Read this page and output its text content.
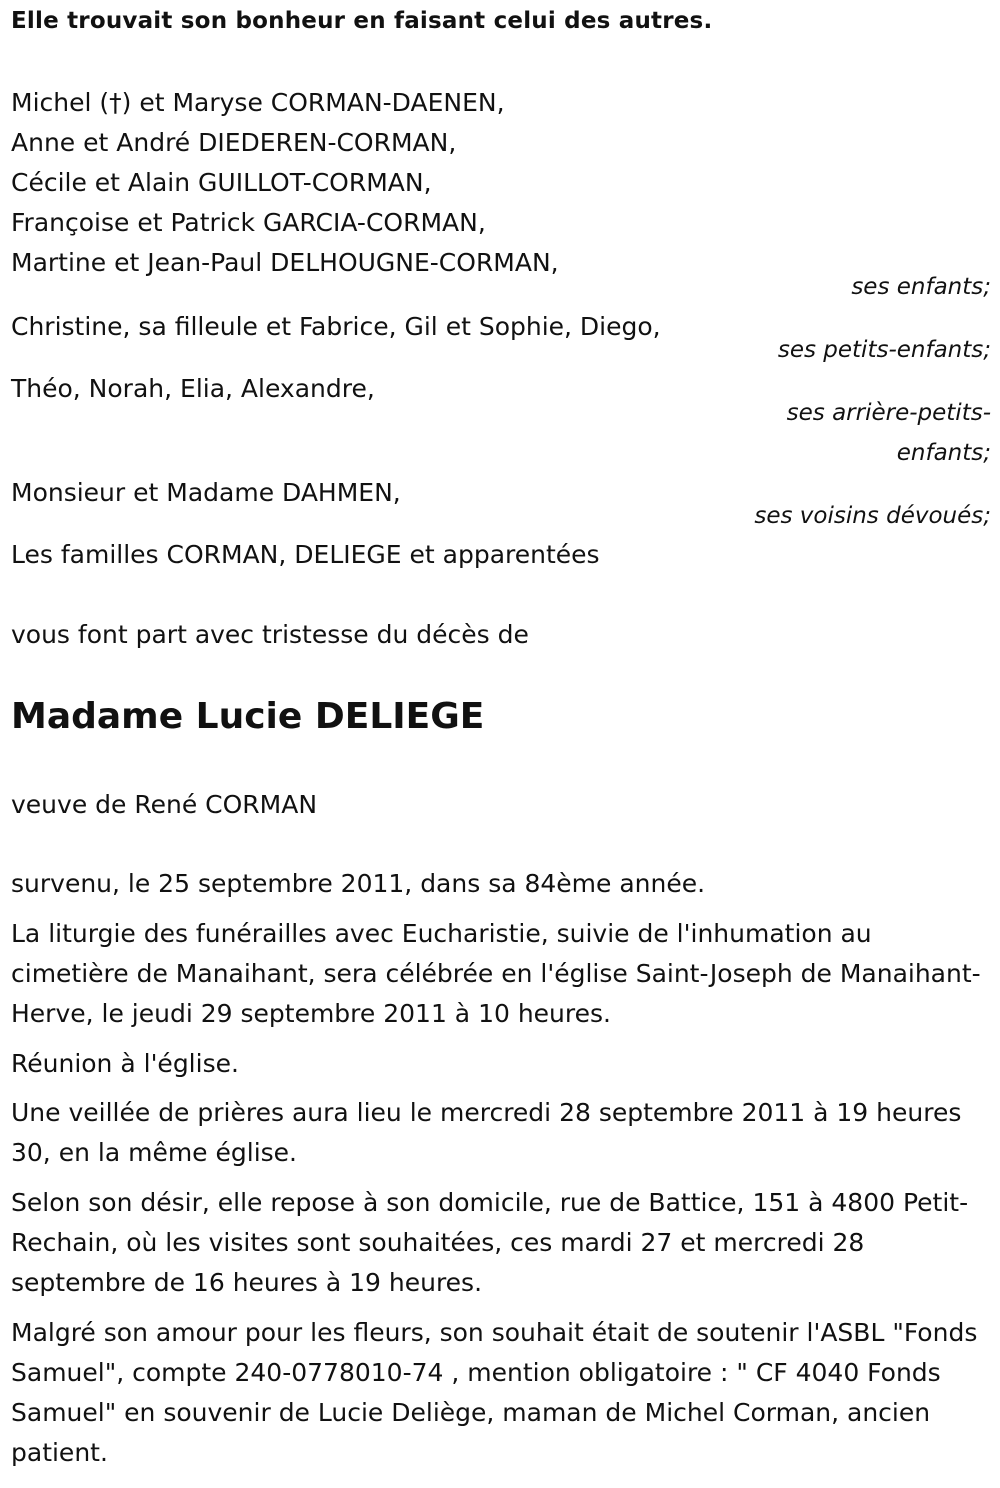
Elle trouvait son bonheur en faisant celui des autres.
Michel (†) et Maryse CORMAN-DAENEN,
Anne et André DIEDEREN-CORMAN,
Cécile et Alain GUILLOT-CORMAN,
Françoise et Patrick GARCIA-CORMAN,
Martine et Jean-Paul DELHOUGNE-CORMAN,
ses enfants;
Christine, sa filleule et Fabrice, Gil et Sophie, Diego,
ses petits-enfants;
Théo, Norah, Elia, Alexandre,
ses arrière-petits-
enfants;
Monsieur et Madame DAHMEN,
ses voisins dévoués;
Les familles CORMAN, DELIEGE et apparentées
vous font part avec tristesse du décès de
Madame Lucie DELIEGE
veuve de René CORMAN
survenu, le 25 septembre 2011, dans sa 84ème année.
La liturgie des funérailles avec Eucharistie, suivie de l'inhumation au cimetière de Manaihant, sera célébrée en l'église Saint-Joseph de Manaihant-Herve, le jeudi 29 septembre 2011 à 10 heures.
Réunion à l'église.
Une veillée de prières aura lieu le mercredi 28 septembre 2011 à 19 heures 30, en la même église.
Selon son désir, elle repose à son domicile, rue de Battice, 151 à 4800 Petit-Rechain, où les visites sont souhaitées, ces mardi 27 et mercredi 28 septembre de 16 heures à 19 heures.
Malgré son amour pour les fleurs, son souhait était de soutenir l'ASBL "Fonds Samuel", compte 240-0778010-74 , mention obligatoire : " CF 4040 Fonds Samuel" en souvenir de Lucie Deliège, maman de Michel Corman, ancien patient.
